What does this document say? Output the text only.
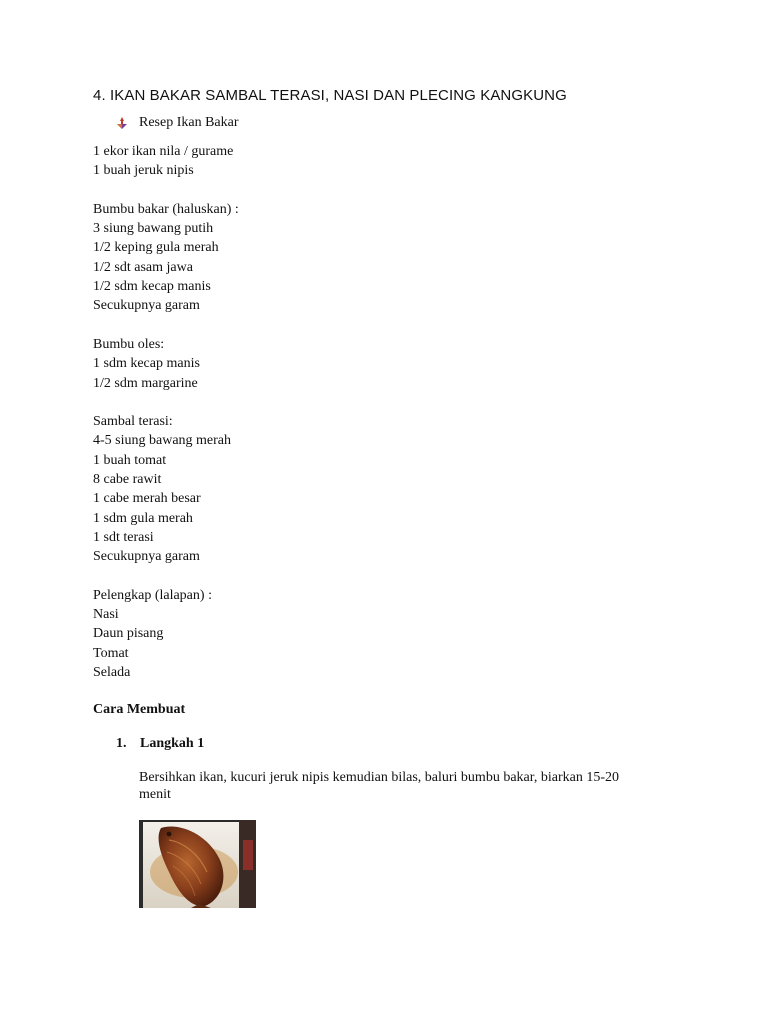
4. IKAN BAKAR SAMBAL TERASI, NASI DAN PLECING KANGKUNG
Resep Ikan Bakar
1 ekor ikan nila / gurame
1 buah jeruk nipis
Bumbu bakar (haluskan) :
3 siung bawang putih
1/2 keping gula merah
1/2 sdt asam jawa
1/2 sdm kecap manis
Secukupnya garam
Bumbu oles:
1 sdm kecap manis
1/2 sdm margarine
Sambal terasi:
4-5 siung bawang merah
1 buah tomat
8 cabe rawit
1 cabe merah besar
1 sdm gula merah
1 sdt terasi
Secukupnya garam
Pelengkap (lalapan) :
Nasi
Daun pisang
Tomat
Selada
Cara Membuat
1. Langkah 1
Bersihkan ikan, kucuri jeruk nipis kemudian bilas, baluri bumbu bakar, biarkan 15-20 menit
